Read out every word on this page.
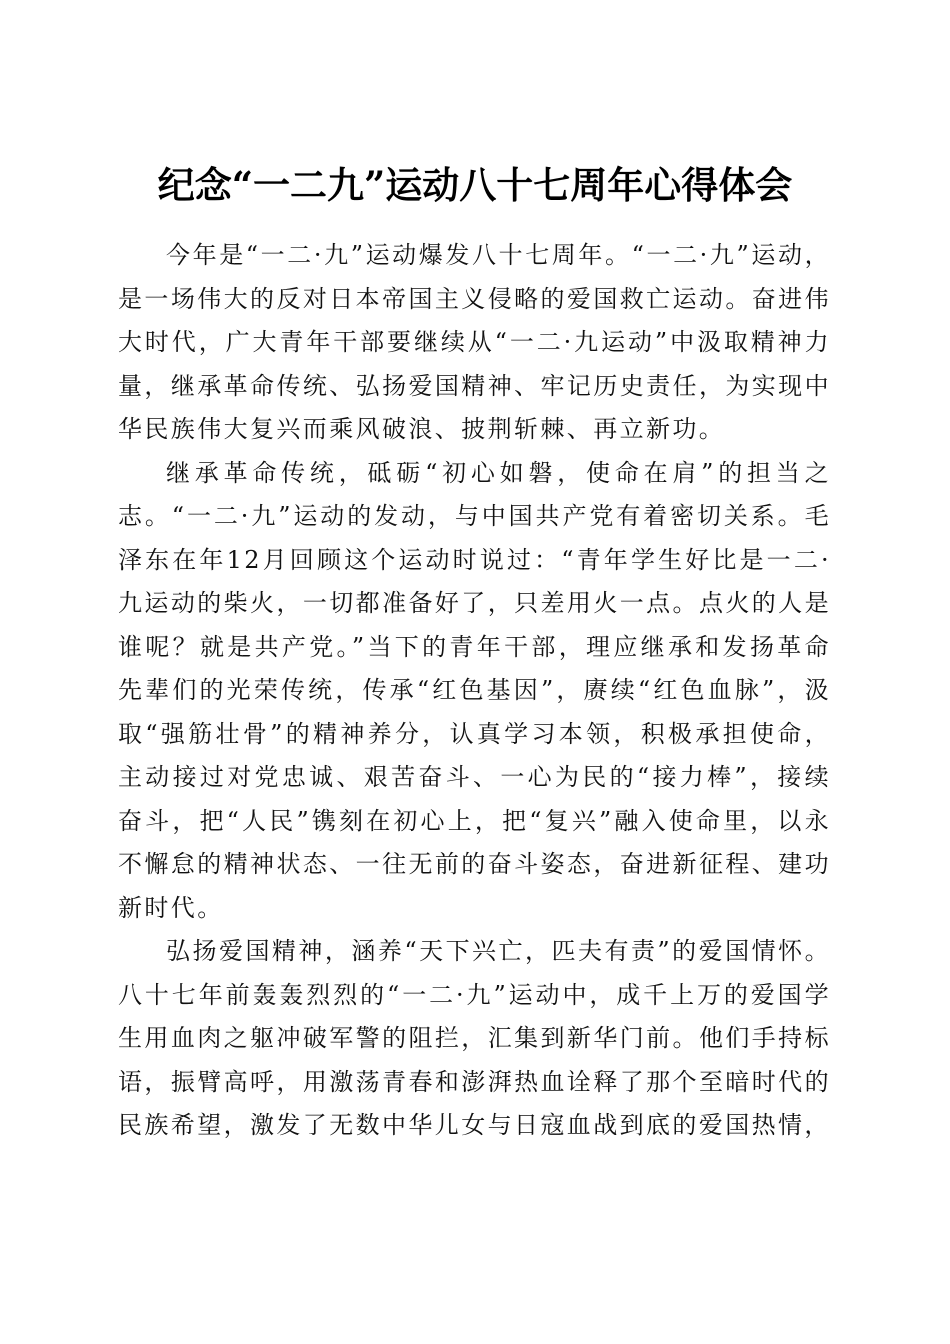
纪念“一二九”运动八十七周年心得体会

今年是“一二·九”运动爆发八十七周年。“一二·九”运动，是一场伟大的反对日本帝国主义侵略的爱国救亡运动。奋进伟大时代，广大青年干部要继续从“一二·九运动”中汲取精神力量，继承革命传统、弘扬爱国精神、牢记历史责任，为实现中华民族伟大复兴而乘风破浪、披荆斩棘、再立新功。

继承革命传统，砥砺“初心如磐，使命在肩”的担当之志。“一二·九”运动的发动，与中国共产党有着密切关系。毛泽东在年12月回顾这个运动时说过：“青年学生好比是一二·九运动的柴火，一切都准备好了，只差用火一点。点火的人是谁呢？就是共产党。”当下的青年干部，理应继承和发扬革命先辈们的光荣传统，传承“红色基因”，赓续“红色血脉”，汲取“强筋壮骨”的精神养分，认真学习本领，积极承担使命，主动接过对党忠诚、艰苦奋斗、一心为民的“接力棒”，接续奋斗，把“人民”镌刻在初心上，把“复兴”融入使命里，以永不懈怠的精神状态、一往无前的奋斗姿态，奋进新征程、建功新时代。

弘扬爱国精神，涵养“天下兴亡，匹夫有责”的爱国情怀。八十七年前轰轰烈烈的“一二·九”运动中，成千上万的爱国学生用血肉之躯冲破军警的阻拦，汇集到新华门前。他们手持标语，振臂高呼，用激荡青春和澎湃热血诠释了那个至暗时代的民族希望，激发了无数中华儿女与日寇血战到底的爱国热情，
